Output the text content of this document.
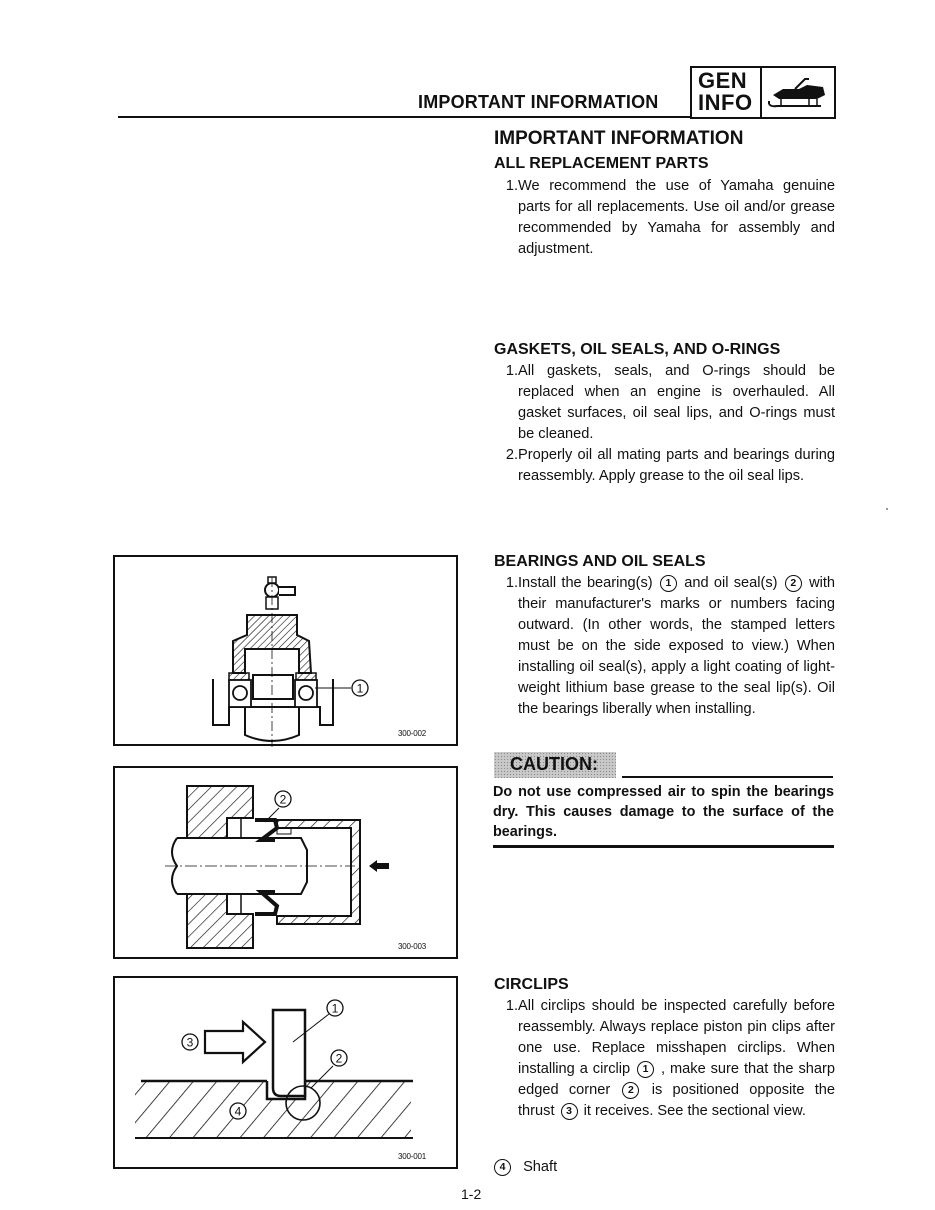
IMPORTANT INFORMATION
GEN
INFO
IMPORTANT INFORMATION
ALL REPLACEMENT PARTS
1. We recommend the use of Yamaha genuine parts for all replacements. Use oil and/or grease recommended by Yamaha for assembly and adjustment.
GASKETS, OIL SEALS, AND O-RINGS
1. All gaskets, seals, and O-rings should be replaced when an engine is overhauled. All gasket surfaces, oil seal lips, and O-rings must be cleaned.
2. Properly oil all mating parts and bearings during reassembly. Apply grease to the oil seal lips.
BEARINGS AND OIL SEALS
1. Install the bearing(s) 1 and oil seal(s) 2 with their manufacturer's marks or numbers facing outward. (In other words, the stamped letters must be on the side exposed to view.) When installing oil seal(s), apply a light coating of light-weight lithium base grease to the seal lip(s). Oil the bearings liberally when installing.
CAUTION:
Do not use compressed air to spin the bearings dry. This causes damage to the surface of the bearings.
CIRCLIPS
1. All circlips should be inspected carefully before reassembly. Always replace piston pin clips after one use. Replace misshapen circlips. When installing a circlip 1 , make sure that the sharp edged corner 2 is positioned opposite the thrust 3 it receives. See the sectional view.
4 Shaft
1
300-002
2
300-003
1
2
3
4
300-001
1-2
